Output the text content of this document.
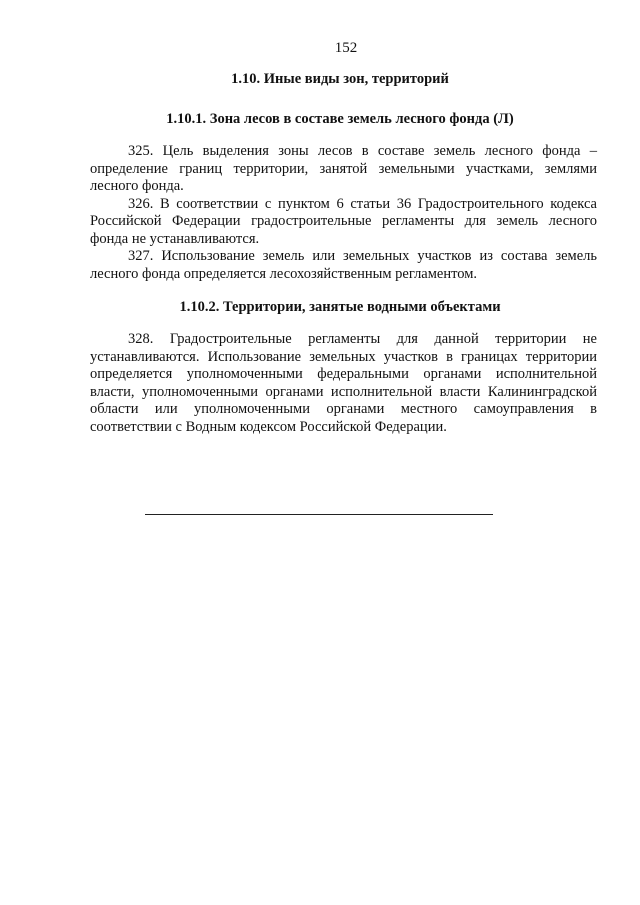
152
1.10. Иные виды зон, территорий
1.10.1. Зона лесов в составе земель лесного фонда (Л)

325. Цель выделения зоны лесов в составе земель лесного фонда – определение границ территории, занятой земельными участками, землями лесного фонда.

326. В соответствии с пунктом 6 статьи 36 Градостроительного кодекса Российской Федерации градостроительные регламенты для земель лесного фонда не устанавливаются.

327. Использование земель или земельных участков из состава земель лесного фонда определяется лесохозяйственным регламентом.

1.10.2. Территории, занятые водными объектами

328. Градостроительные регламенты для данной территории не устанавливаются. Использование земельных участков в границах территории определяется уполномоченными федеральными органами исполнительной власти, уполномоченными органами исполнительной власти Калининградской области или уполномоченными органами местного самоуправления в соответствии с Водным кодексом Российской Федерации.
